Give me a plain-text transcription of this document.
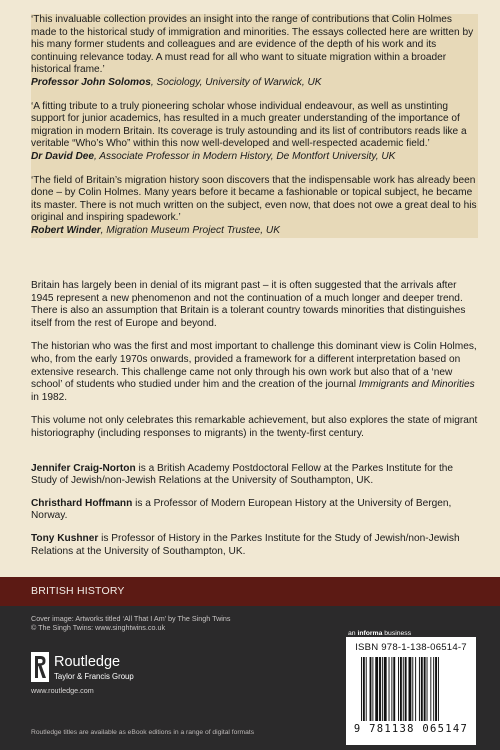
‘This invaluable collection provides an insight into the range of contributions that Colin Holmes made to the historical study of immigration and minorities. The essays collected here are written by his many former students and colleagues and are evidence of the depth of his work and its continuing relevance today. A must read for all who want to situate migration within a broader historical frame.’
Professor John Solomos, Sociology, University of Warwick, UK
‘A fitting tribute to a truly pioneering scholar whose individual endeavour, as well as unstinting support for junior academics, has resulted in a much greater understanding of the importance of migration in modern Britain. Its coverage is truly astounding and its list of contributors reads like a veritable “Who’s Who” within this now well-developed and well-respected academic field.’
Dr David Dee, Associate Professor in Modern History, De Montfort University, UK
‘The field of Britain’s migration history soon discovers that the indispensable work has already been done – by Colin Holmes. Many years before it became a fashionable or topical subject, he became its master. There is not much written on the subject, even now, that does not owe a great deal to his original and inspiring spadework.’
Robert Winder, Migration Museum Project Trustee, UK

Britain has largely been in denial of its migrant past – it is often suggested that the arrivals after 1945 represent a new phenomenon and not the continuation of a much longer and deeper trend. There is also an assumption that Britain is a tolerant country towards minorities that distinguishes itself from the rest of Europe and beyond.

The historian who was the first and most important to challenge this dominant view is Colin Holmes, who, from the early 1970s onwards, provided a framework for a different interpretation based on extensive research. This challenge came not only through his own work but also that of a ‘new school’ of students who studied under him and the creation of the journal Immigrants and Minorities in 1982.

This volume not only celebrates this remarkable achievement, but also explores the state of migrant historiography (including responses to migrants) in the twenty-first century.

Jennifer Craig-Norton is a British Academy Postdoctoral Fellow at the Parkes Institute for the Study of Jewish/non-Jewish Relations at the University of Southampton, UK.

Christhard Hoffmann is a Professor of Modern European History at the University of Bergen, Norway.

Tony Kushner is Professor of History in the Parkes Institute for the Study of Jewish/non-Jewish Relations at the University of Southampton, UK.

BRITISH HISTORY
Cover image: Artworks titled ‘All That I Am’ by The Singh Twins
© The Singh Twins: www.singhtwins.co.uk
Routledge
Taylor & Francis Group
www.routledge.com
Routledge titles are available as eBook editions in a range of digital formats
an informa business
ISBN 978-1-138-06514-7
9 781138 065147
